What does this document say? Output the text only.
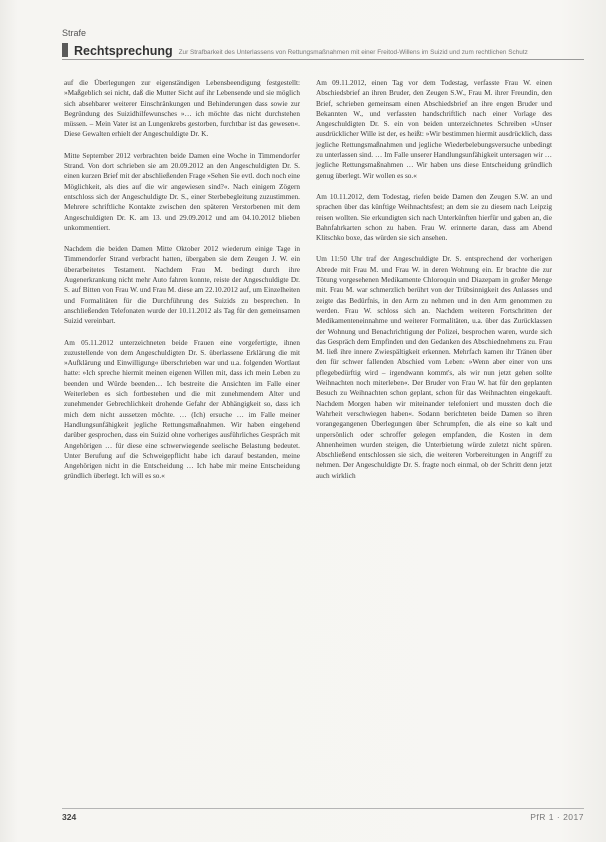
Strafe
Rechtsprechung Zur Strafbarkeit des Unterlassens von Rettungsmaßnahmen mit einer Freitod-Willens im Suizid und zum rechtlichen Schutz

auf die Überlegungen zur eigenständigen Lebensbeendigung festgestellt: »Maßgeblich sei nicht, daß die Mutter Sicht auf ihr Lebensende und sie möglich sich absehbarer weiterer Einschränkungen und Behinderungen dass sowie zur Begründung des Suizidhilfewunsches »… ich möchte das nicht durchstehen müssen. – Mein Vater ist an Lungenkrebs gestorben, furchtbar ist das gewesen«. Diese Gewalten erhielt der Angeschuldigte Dr. K.

Mitte September 2012 verbrachten beide Damen eine Woche in Timmendorfer Strand. Von dort schrieben sie am 20.09.2012 an den Angeschuldigten Dr. S. einen kurzen Brief mit der abschließenden Frage »Sehen Sie evtl. doch noch eine Möglichkeit, als dies auf die wir angewiesen sind?«. Nach einigem Zögern entschloss sich der Angeschuldigte Dr. S., einer Sterbebegleitung zuzustimmen. Mehrere schriftliche Kontakte zwischen den späteren Verstorbenen mit dem Angeschuldigten Dr. K. am 13. und 29.09.2012 und am 04.10.2012 blieben unkommentiert.

Nachdem die beiden Damen Mitte Oktober 2012 wiederum einige Tage in Timmendorfer Strand verbracht hatten, übergaben sie dem Zeugen J. W. ein überarbeitetes Testament. Nachdem Frau M. bedingt durch ihre Augenerkrankung nicht mehr Auto fahren konnte, reiste der Angeschuldigte Dr. S. auf Bitten von Frau W. und Frau M. diese am 22.10.2012 auf, um Einzelheiten und Formalitäten für die Durchführung des Suizids zu besprechen. In anschließenden Telefonaten wurde der 10.11.2012 als Tag für den gemeinsamen Suizid vereinbart.

Am 05.11.2012 unterzeichneten beide Frauen eine vorgefertigte, ihnen zuzustellende von dem Angeschuldigten Dr. S. überlassene Erklärung die mit »Aufklärung und Einwilligung« überschrieben war und u.a. folgenden Wortlaut hatte: »Ich spreche hiermit meinen eigenen Willen mit, dass ich mein Leben zu beenden und Würde beenden… Ich bestreite die Ansichten im Falle einer Weiterleben es sich fortbestehen und die mit zunehmendem Alter und zunehmender Gebrechlichkeit drohende Gefahr der Abhängigkeit so, dass ich mich dem nicht aussetzen möchte. … (Ich) ersuche … im Falle meiner Handlungsunfähigkeit jegliche Rettungsmaßnahmen. Wir haben eingehend darüber gesprochen, dass ein Suizid ohne vorheriges ausführliches Gespräch mit Angehörigen … für diese eine schwerwiegende seelische Belastung bedeutet. Unter Berufung auf die Schweigepflicht habe ich darauf bestanden, meine Angehörigen nicht in die Entscheidung … Ich habe mir meine Entscheidung gründlich überlegt. Ich will es so.«

Am 09.11.2012, einen Tag vor dem Todestag, verfasste Frau W. einen Abschiedsbrief an ihren Bruder, den Zeugen S.W., Frau M. ihrer Freundin, den Brief, schrieben gemeinsam einen Abschiedsbrief an ihre engen Bruder und Bekannten W., und verfassten handschriftlich nach einer Vorlage des Angeschuldigten Dr. S. ein von beiden unterzeichnetes Schreiben »Unser ausdrücklicher Wille ist der, es heißt: »Wir bestimmen hiermit ausdrücklich, dass jegliche Rettungsmaßnahmen und jegliche Wiederbelebungsversuche unbedingt zu unterlassen sind. … Im Falle unserer Handlungsunfähigkeit untersagen wir … jegliche Rettungsmaßnahmen … Wir haben uns diese Entscheidung gründlich genug überlegt. Wir wollen es so.«

Am 10.11.2012, dem Todestag, riefen beide Damen den Zeugen S.W. an und sprachen über das künftige Weihnachtsfest; an dem sie zu diesem nach Leipzig reisen wollten. Sie erkundigten sich nach Unterkünften hierfür und gaben an, die Bahnfahrkarten schon zu haben. Frau W. erinnerte daran, dass am Abend Klitschko boxe, das würden sie sich ansehen.

Um 11:50 Uhr traf der Angeschuldigte Dr. S. entsprechend der vorherigen Abrede mit Frau M. und Frau W. in deren Wohnung ein. Er brachte die zur Tötung vorgesehenen Medikamente Chloroquin und Diazepam in großer Menge mit. Frau M. war schmerzlich berührt von der Trübsinnigkeit des Anlasses und zeigte das Bedürfnis, in den Arm zu nehmen und in den Arm genommen zu werden. Frau W. schloss sich an. Nachdem weiteren Fortschritten der Medikamenteneinnahme und weiterer Formalitäten, u.a. über das Zurücklassen der Wohnung und Benachrichtigung der Polizei, besprochen waren, wurde sich das Gespräch dem Empfinden und den Gedanken des Abschiednehmens zu. Frau M. ließ ihre innere Zwiespältigkeit erkennen. Mehrfach kamen ihr Tränen über den für schwer fallenden Abschied vom Leben: »Wenn aber einer von uns pflegebedürftig wird – irgendwann kommt's, als wir nun jetzt gehen sollte Weihnachten noch miterleben«. Der Bruder von Frau W. hat für den geplanten Besuch zu Weihnachten schon geplant, schon für das Weihnachten eingekauft. Nachdem Morgen haben wir miteinander telefoniert und mussten doch die Wahrheit verschwiegen haben«. Sodann berichteten beide Damen so ihren vorangegangenen Überlegungen über Schrumpfen, die als eine so kalt und unpersönlich oder schroffer gelegen empfanden, die Kosten in dem Ahnenheimen wurden steigen, die Unterbietung würde zuletzt nicht spüren. Abschließend entschlossen sie sich, die weiteren Vorbereitungen in Angriff zu nehmen. Der Angeschuldigte Dr. S. fragte noch einmal, ob der Schritt denn jetzt auch wirklich

324	PfR 1 · 2017
